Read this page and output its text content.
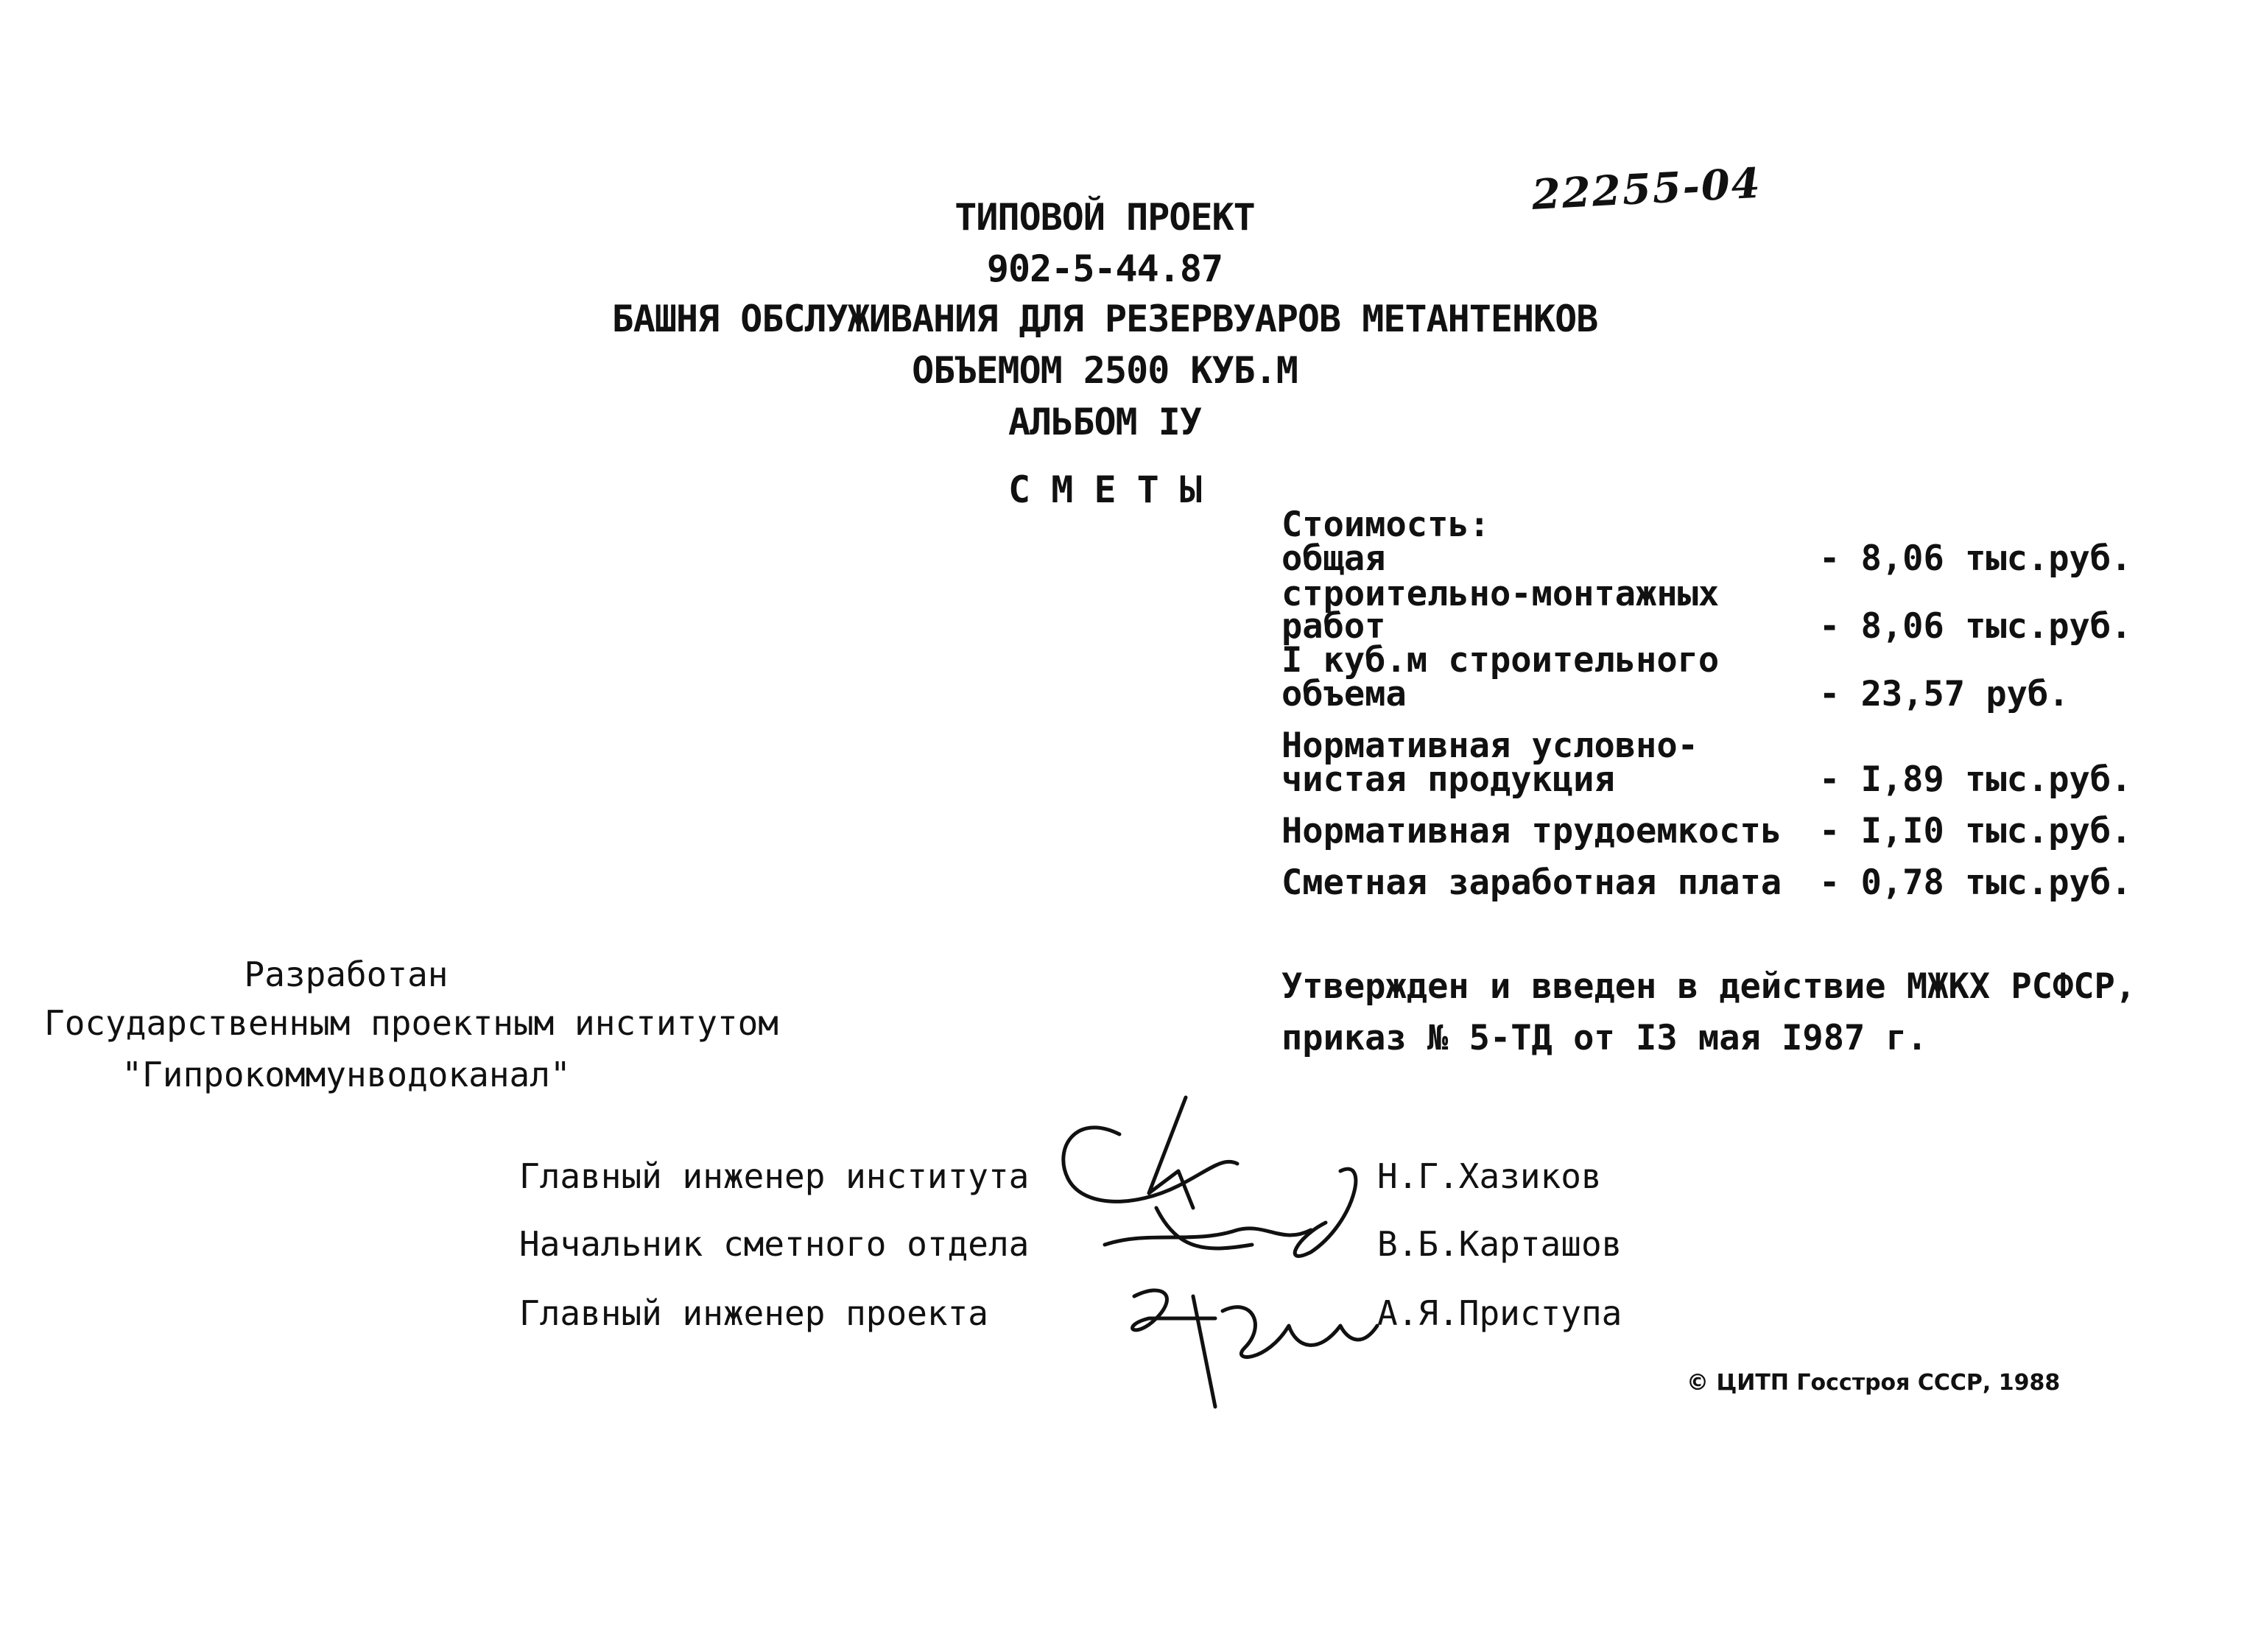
22255-04
ТИПОВОЙ ПРОЕКТ
902-5-44.87
БАШНЯ ОБСЛУЖИВАНИЯ ДЛЯ РЕЗЕРВУАРОВ МЕТАНТЕНКОВ
ОБЪЕМОМ 2500 КУБ.М
АЛЬБОМ IУ
С М Е Т Ы
Стоимость:
общая	- 8,06 тыс.руб.
строительно-монтажных
работ	- 8,06 тыс.руб.
I куб.м строительного
объема	- 23,57 руб.
Нормативная условно-
чистая продукция	- I,89 тыс.руб.
Нормативная трудоемкость - I,I0 тыс.руб.
Сметная заработная плата - 0,78 тыс.руб.
Разработан
Государственным проектным институтом
"Гипрокоммунводоканал"
Утвержден и введен в действие МЖКХ РСФСР,
приказ № 5-ТД от I3 мая I987 г.
Главный инженер института	Н.Г.Хазиков
Начальник сметного отдела	В.Б.Карташов
Главный инженер проекта	А.Я.Приступа
© ЦИТП Госстроя СССР, 1988
